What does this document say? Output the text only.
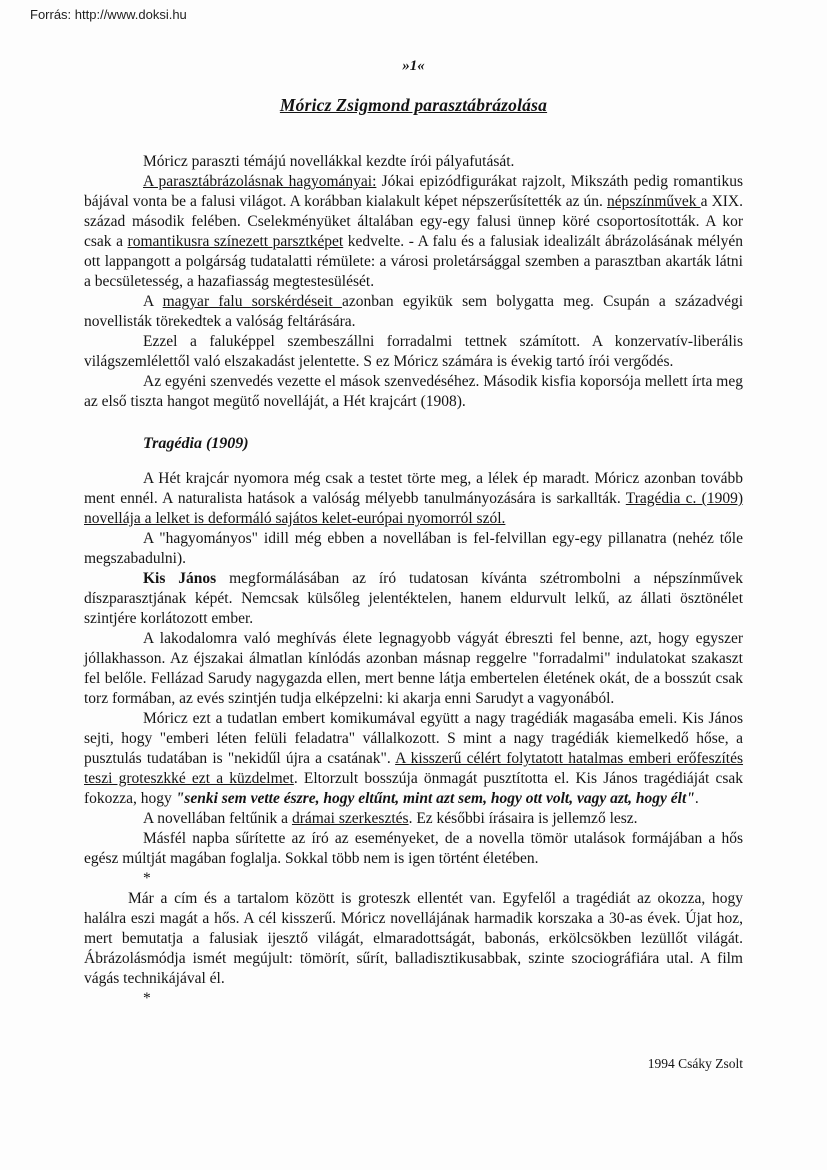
Forrás: http://www.doksi.hu
»1«
Móricz Zsigmond parasztábrázolása

Móricz paraszti témájú novellákkal kezdte írói pályafutását.

A parasztábrázolásnak hagyományai: Jókai epizódfigurákat rajzolt, Mikszáth pedig romantikus bájával vonta be a falusi világot. A korábban kialakult képet népszerűsítették az ún. népszínművek a XIX. század második felében. Cselekményüket általában egy-egy falusi ünnep köré csoportosították. A kor csak a romantikusra színezett parsztképet kedvelte. - A falu és a falusiak idealizált ábrázolásának mélyén ott lappangott a polgárság tudatalatti rémülete: a városi proletársággal szemben a parasztban akarták látni a becsületesség, a hazafiasság megtestesülését.

A magyar falu sorskérdéseit azonban egyikük sem bolygatta meg. Csupán a századvégi novellisták törekedtek a valóság feltárására.

Ezzel a faluképpel szembeszállni forradalmi tettnek számított. A konzervatív-liberális világszemlélettől való elszakadást jelentette. S ez Móricz számára is évekig tartó írói vergődés.

Az egyéni szenvedés vezette el mások szenvedéséhez. Második kisfia koporsója mellett írta meg az első tiszta hangot megütő novelláját, a Hét krajcárt (1908).

Tragédia (1909)

A Hét krajcár nyomora még csak a testet törte meg, a lélek ép maradt. Móricz azonban tovább ment ennél. A naturalista hatások a valóság mélyebb tanulmányozására is sarkallták. Tragédia c. (1909) novellája a lelket is deformáló sajátos kelet-európai nyomorról szól.

A "hagyományos" idill még ebben a novellában is fel-felvillan egy-egy pillanatra (nehéz tőle megszabadulni).

Kis János megformálásában az író tudatosan kívánta szétrombolni a népszínművek díszparasztjának képét. Nemcsak külsőleg jelentéktelen, hanem eldurvult lelkű, az állati ösztönélet szintjére korlátozott ember.

A lakodalomra való meghívás élete legnagyobb vágyát ébreszti fel benne, azt, hogy egyszer jóllakhasson. Az éjszakai álmatlan kínlódás azonban másnap reggelre "forradalmi" indulatokat szakaszt fel belőle. Fellázad Sarudy nagygazda ellen, mert benne látja embertelen életének okát, de a bosszút csak torz formában, az evés szintjén tudja elképzelni: ki akarja enni Sarudyt a vagyonából.

Móricz ezt a tudatlan embert komikumával együtt a nagy tragédiák magasába emeli. Kis János sejti, hogy "emberi léten felüli feladatra" vállalkozott. S mint a nagy tragédiák kiemelkedő hőse, a pusztulás tudatában is "nekidűl újra a csatának". A kisszerű célért folytatott hatalmas emberi erőfeszítés teszi groteszkké ezt a küzdelmet. Eltorzult bosszúja önmagát pusztította el. Kis János tragédiáját csak fokozza, hogy "senki sem vette észre, hogy eltűnt, mint azt sem, hogy ott volt, vagy azt, hogy élt".

A novellában feltűnik a drámai szerkesztés. Ez későbbi írásaira is jellemző lesz.

Másfél napba sűrítette az író az eseményeket, de a novella tömör utalások formájában a hős egész múltját magában foglalja. Sokkal több nem is igen történt életében.

*

Már a cím és a tartalom között is groteszk ellentét van. Egyfelől a tragédiát az okozza, hogy halálra eszi magát a hős. A cél kisszerű. Móricz novellájának harmadik korszaka a 30-as évek. Újat hoz, mert bemutatja a falusiak ijesztő világát, elmaradottságát, babonás, erkölcsökben lezüllőt világát. Ábrázolásmódja ismét megújult: tömörít, sűrít, balladisztikusabbak, szinte szociográfiára utal. A film vágás technikájával él.

*

1994 Csáky Zsolt
